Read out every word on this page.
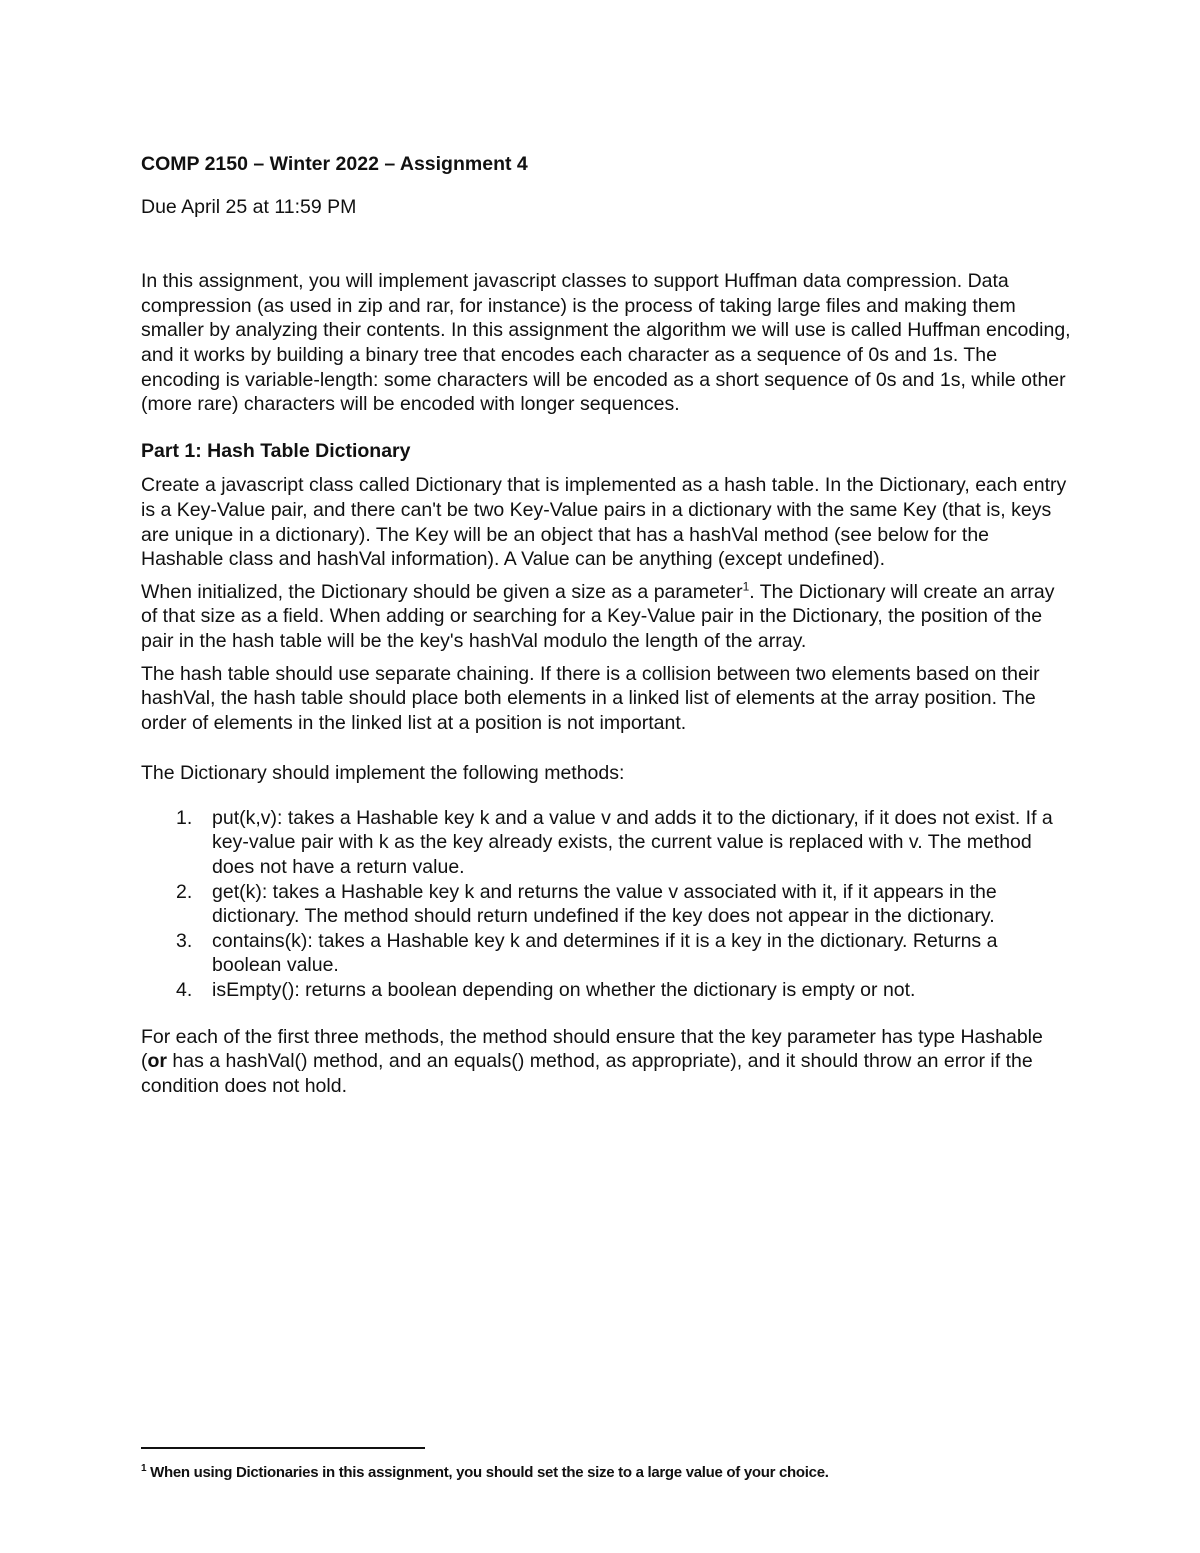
COMP 2150 – Winter 2022 – Assignment 4

Due April 25 at 11:59 PM

In this assignment, you will implement javascript classes to support Huffman data compression. Data compression (as used in zip and rar, for instance) is the process of taking large files and making them smaller by analyzing their contents. In this assignment the algorithm we will use is called Huffman encoding, and it works by building a binary tree that encodes each character as a sequence of 0s and 1s. The encoding is variable-length: some characters will be encoded as a short sequence of 0s and 1s, while other (more rare) characters will be encoded with longer sequences.

Part 1: Hash Table Dictionary

Create a javascript class called Dictionary that is implemented as a hash table. In the Dictionary, each entry is a Key-Value pair, and there can't be two Key-Value pairs in a dictionary with the same Key (that is, keys are unique in a dictionary). The Key will be an object that has a hashVal method (see below for the Hashable class and hashVal information). A Value can be anything (except undefined).

When initialized, the Dictionary should be given a size as a parameter$^1$. The Dictionary will create an array of that size as a field. When adding or searching for a Key-Value pair in the Dictionary, the position of the pair in the hash table will be the key's hashVal modulo the length of the array.

The hash table should use separate chaining. If there is a collision between two elements based on their hashVal, the hash table should place both elements in a linked list of elements at the array position. The order of elements in the linked list at a position is not important.

The Dictionary should implement the following methods:

1. put(k,v): takes a Hashable key k and a value v and adds it to the dictionary, if it does not exist. If a key-value pair with k as the key already exists, the current value is replaced with v. The method does not have a return value.
2. get(k): takes a Hashable key k and returns the value v associated with it, if it appears in the dictionary. The method should return undefined if the key does not appear in the dictionary.
3. contains(k): takes a Hashable key k and determines if it is a key in the dictionary. Returns a boolean value.
4. isEmpty(): returns a boolean depending on whether the dictionary is empty or not.

For each of the first three methods, the method should ensure that the key parameter has type Hashable (or has a hashVal() method, and an equals() method, as appropriate), and it should throw an error if the condition does not hold.

$^1$ When using Dictionaries in this assignment, you should set the size to a large value of your choice.
